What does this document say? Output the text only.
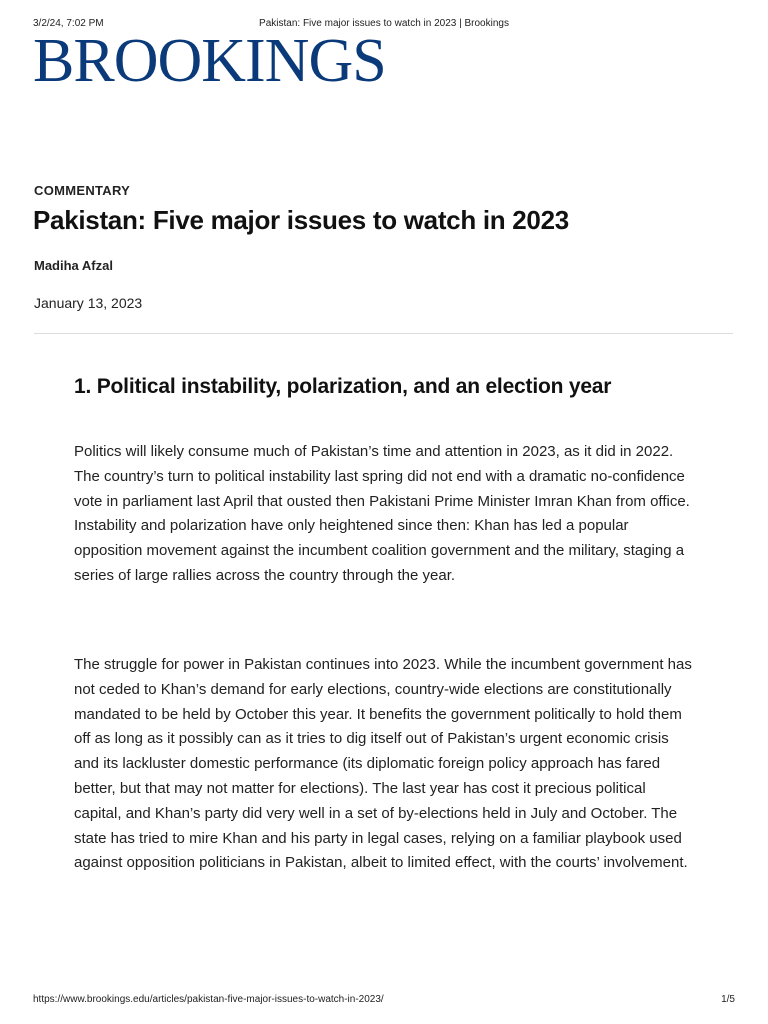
3/2/24, 7:02 PM	Pakistan: Five major issues to watch in 2023 | Brookings
BROOKINGS
COMMENTARY
Pakistan: Five major issues to watch in 2023
Madiha Afzal
January 13, 2023
1. Political instability, polarization, and an election year

Politics will likely consume much of Pakistan’s time and attention in 2023, as it did in 2022. The country’s turn to political instability last spring did not end with a dramatic no-confidence vote in parliament last April that ousted then Pakistani Prime Minister Imran Khan from office. Instability and polarization have only heightened since then: Khan has led a popular opposition movement against the incumbent coalition government and the military, staging a series of large rallies across the country through the year.

The struggle for power in Pakistan continues into 2023. While the incumbent government has not ceded to Khan’s demand for early elections, country-wide elections are constitutionally mandated to be held by October this year. It benefits the government politically to hold them off as long as it possibly can as it tries to dig itself out of Pakistan’s urgent economic crisis and its lackluster domestic performance (its diplomatic foreign policy approach has fared better, but that may not matter for elections). The last year has cost it precious political capital, and Khan’s party did very well in a set of by-elections held in July and October. The state has tried to mire Khan and his party in legal cases, relying on a familiar playbook used against opposition politicians in Pakistan, albeit to limited effect, with the courts’ involvement.

https://www.brookings.edu/articles/pakistan-five-major-issues-to-watch-in-2023/	1/5
